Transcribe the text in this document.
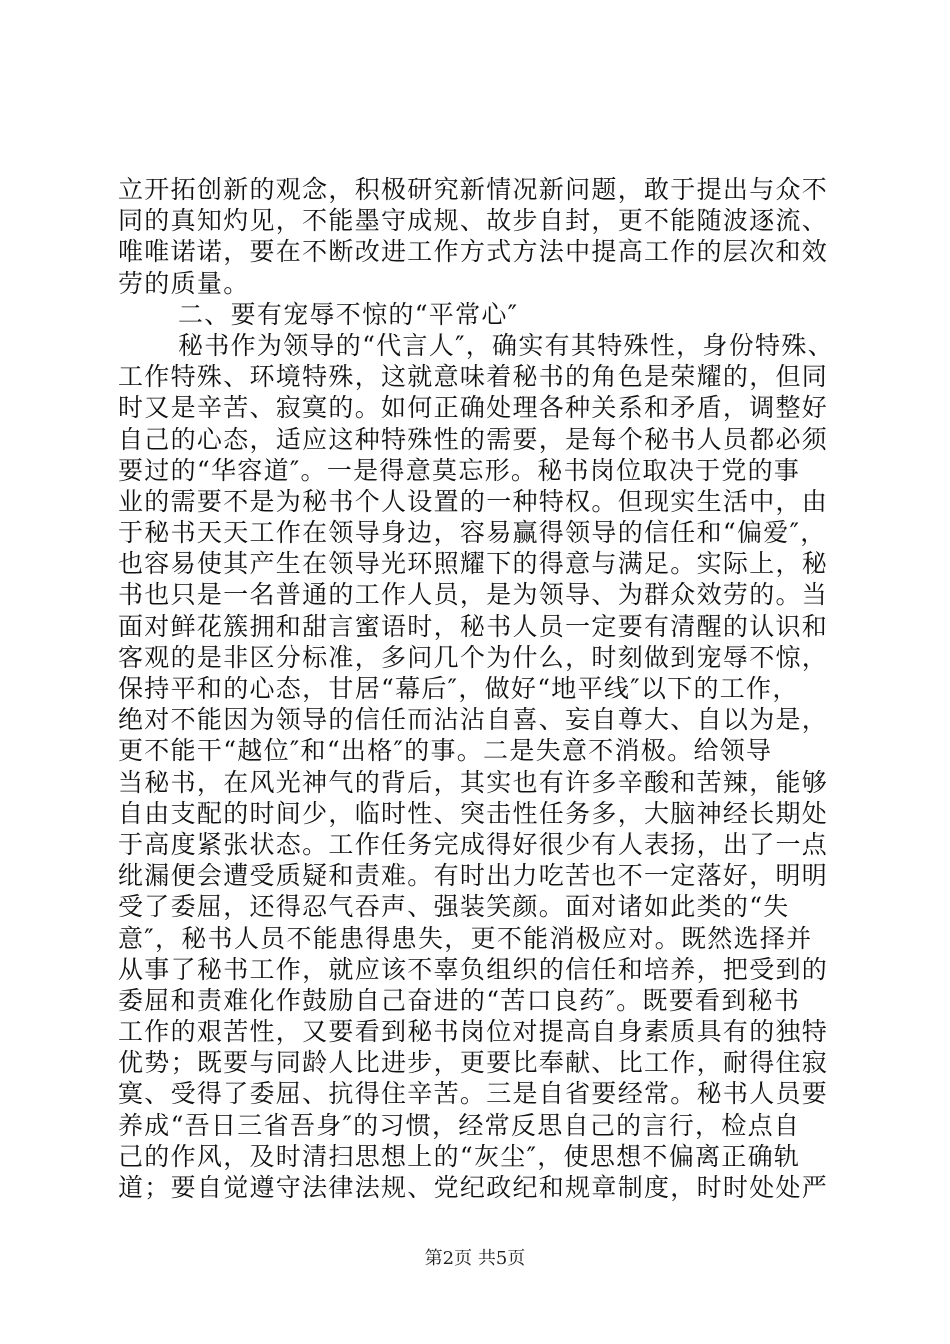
立开拓创新的观念，积极研究新情况新问题，敢于提出与众不
同的真知灼见，不能墨守成规、故步自封，更不能随波逐流、
唯唯诺诺，要在不断改进工作方式方法中提高工作的层次和效
劳的质量。
二、要有宠辱不惊的“平常心″
秘书作为领导的“代言人″，确实有其特殊性，身份特殊、
工作特殊、环境特殊，这就意味着秘书的角色是荣耀的，但同
时又是辛苦、寂寞的。如何正确处理各种关系和矛盾，调整好
自己的心态，适应这种特殊性的需要，是每个秘书人员都必须
要过的“华容道″。一是得意莫忘形。秘书岗位取决于党的事
业的需要不是为秘书个人设置的一种特权。但现实生活中，由
于秘书天天工作在领导身边，容易赢得领导的信任和“偏爱″，
也容易使其产生在领导光环照耀下的得意与满足。实际上，秘
书也只是一名普通的工作人员，是为领导、为群众效劳的。当
面对鲜花簇拥和甜言蜜语时，秘书人员一定要有清醒的认识和
客观的是非区分标准，多问几个为什么，时刻做到宠辱不惊，
保持平和的心态，甘居“幕后″，做好“地平线″以下的工作，
绝对不能因为领导的信任而沾沾自喜、妄自尊大、自以为是，
更不能干“越位″和“出格″的事。二是失意不消极。给领导
当秘书，在风光神气的背后，其实也有许多辛酸和苦辣，能够
自由支配的时间少，临时性、突击性任务多，大脑神经长期处
于高度紧张状态。工作任务完成得好很少有人表扬，出了一点
纰漏便会遭受质疑和责难。有时出力吃苦也不一定落好，明明
受了委屈，还得忍气吞声、强装笑颜。面对诸如此类的“失
意″，秘书人员不能患得患失，更不能消极应对。既然选择并
从事了秘书工作，就应该不辜负组织的信任和培养，把受到的
委屈和责难化作鼓励自己奋进的“苦口良药″。既要看到秘书
工作的艰苦性，又要看到秘书岗位对提高自身素质具有的独特
优势；既要与同龄人比进步，更要比奉献、比工作，耐得住寂
寞、受得了委屈、抗得住辛苦。三是自省要经常。秘书人员要
养成“吾日三省吾身″的习惯，经常反思自己的言行，检点自
己的作风，及时清扫思想上的“灰尘″，使思想不偏离正确轨
道；要自觉遵守法律法规、党纪政纪和规章制度，时时处处严
第2页 共5页
